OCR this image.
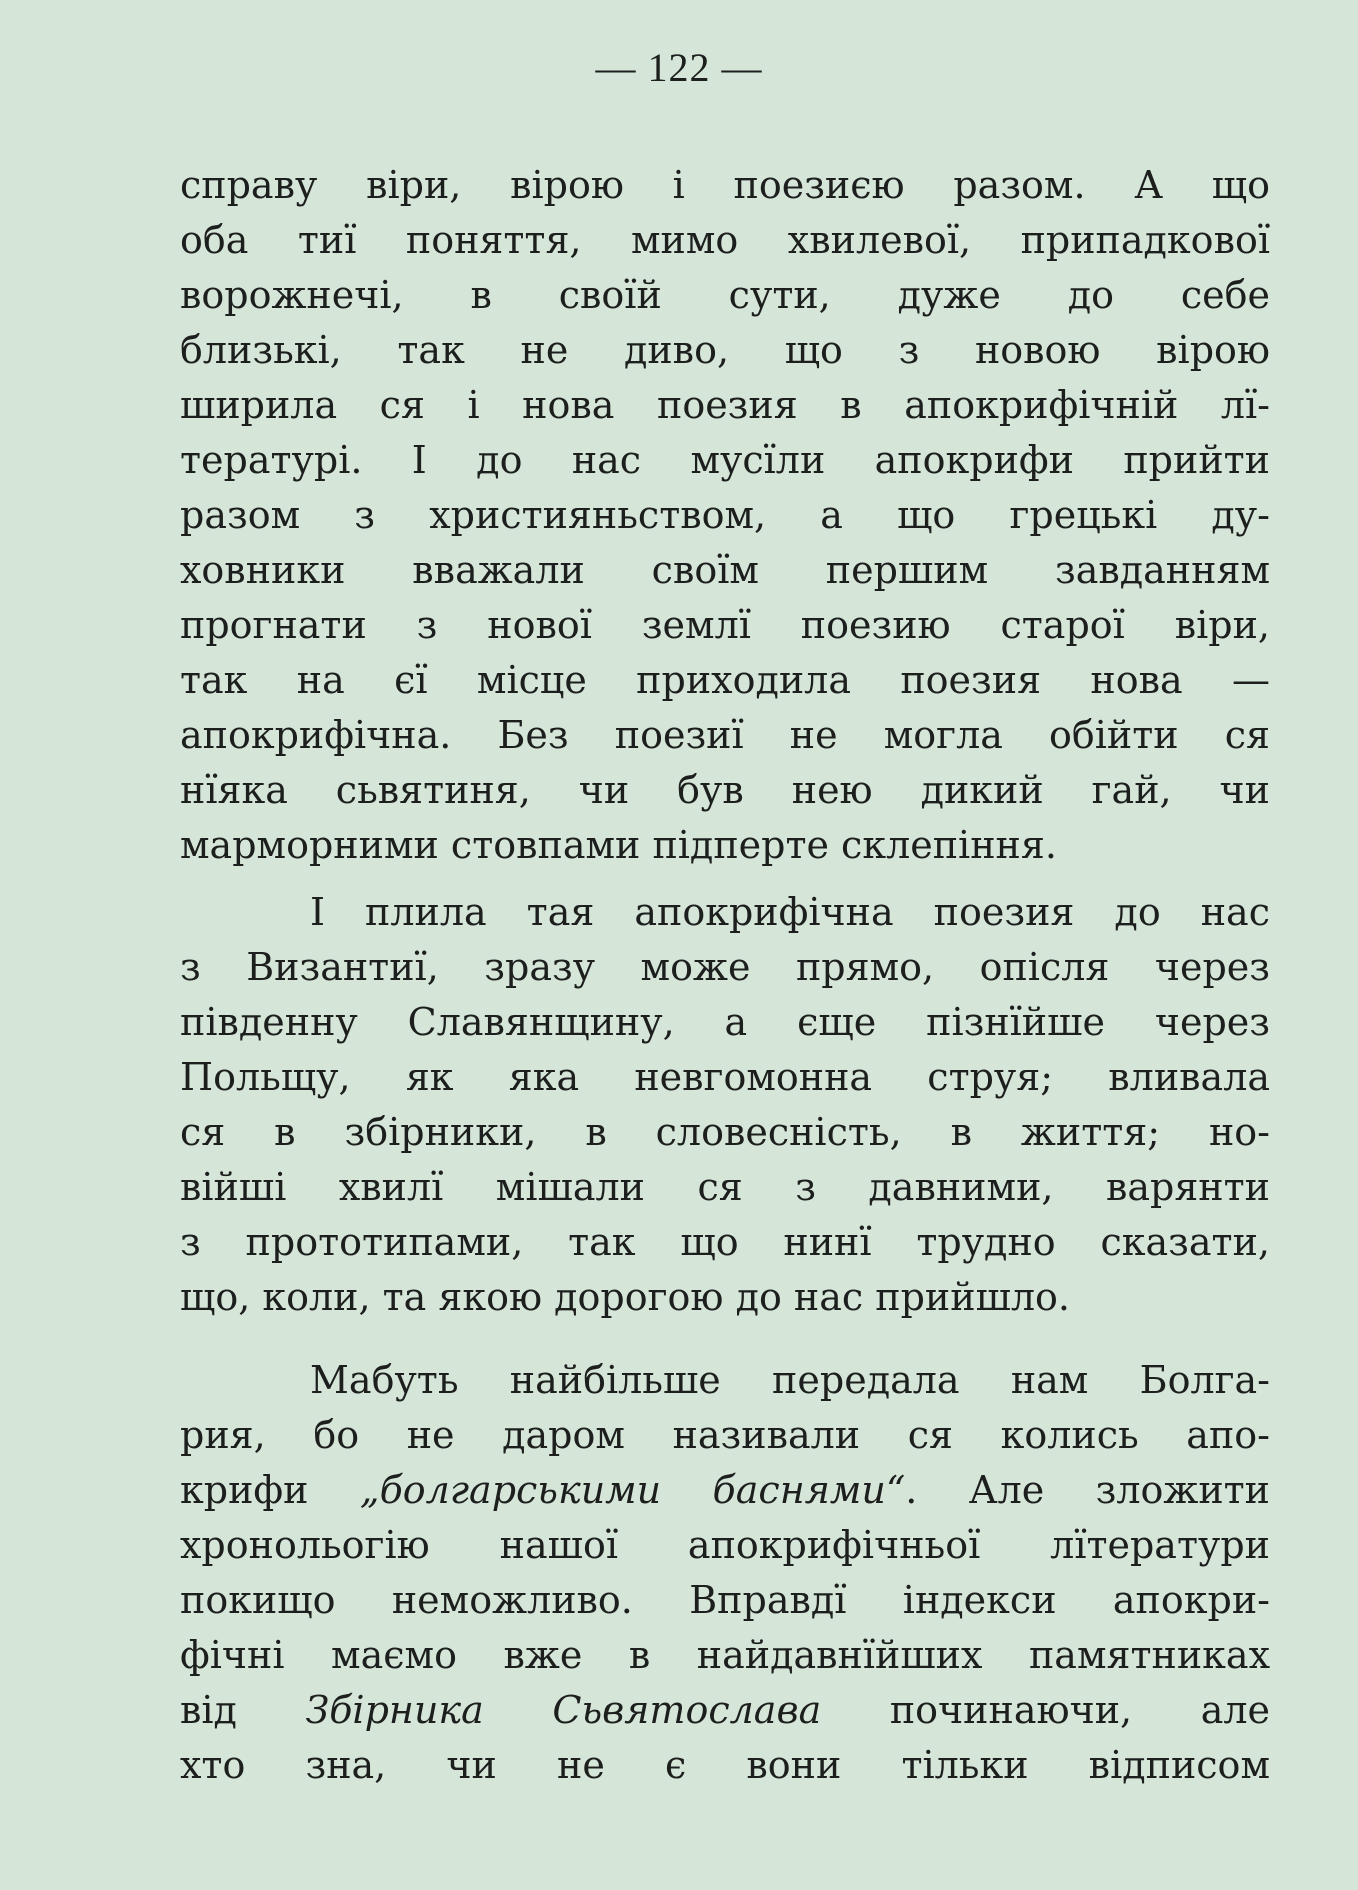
— 122 —
справу віри, вірою і поезиєю разом. А що
оба тиї поняття, мимо хвилевої, припадкової
ворожнечі, в своїй сути, дуже до себе
близькі, так не диво, що з новою вірою
ширила ся і нова поезия в апокрифічній лї-
тературі. І до нас мусїли апокрифи прийти
разом з християньством, а що грецькі ду-
ховники вважали своїм першим завданням
прогнати з нової землї поезию старої віри,
так на єї місце приходила поезия нова —
апокрифічна. Без поезиї не могла обійти ся
нїяка сьвятиня, чи був нею дикий гай, чи
марморними стовпами підперте склепіння.
І плила тая апокрифічна поезия до нас
з Византиї, зразу може прямо, опісля через
південну Славянщину, а єще пізнїйше через
Польщу, як яка невгомонна струя; вливала
ся в збірники, в словесність, в життя; но-
війші хвилї мішали ся з давними, варянти
з прототипами, так що нинї трудно сказати,
що, коли, та якою дорогою до нас прийшло.
Мабуть найбільше передала нам Болга-
рия, бо не даром називали ся колись апо-
крифи „болгарськими баснями“. Але зложити
хронольогію нашої апокрифічньої лїтератури
покищо неможливо. Вправдї індекси апокри-
фічні маємо вже в найдавнїйших памятниках
від Збірника Сьвятослава починаючи, але
хто зна, чи не є вони тільки відписом
